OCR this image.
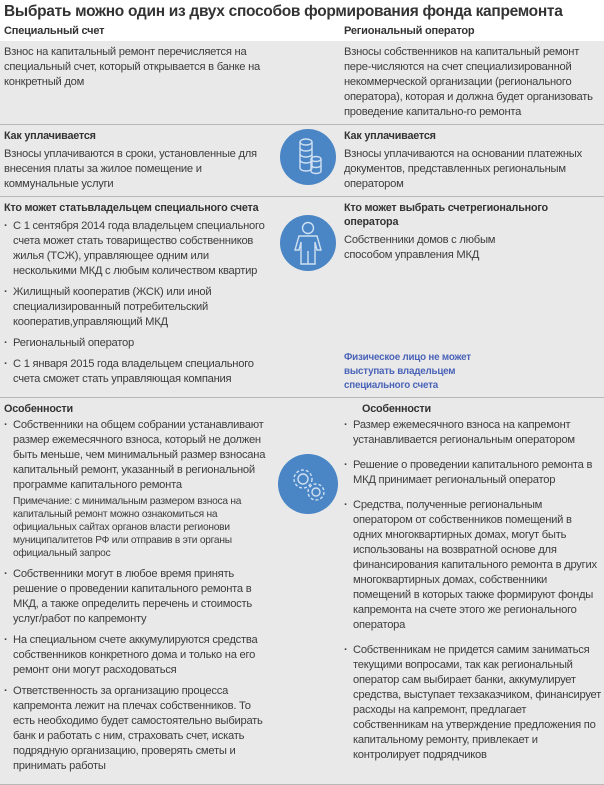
Выбрать можно один из двух способов формирования фонда капремонта
Специальный счет	Региональный оператор
Взнос на капитальный ремонт перечисляется на специальный счет, который открывается в банке на конкретный дом
Взносы собственников на капитальный ремонт пере-числяются на счет специализированной некоммерческой организации (регионального оператора), которая и должна будет организовать проведение капитально-го ремонта
Как уплачивается
Взносы уплачиваются в сроки, установленные для внесения платы за жилое помещение и коммунальные услуги
Как уплачивается
Взносы уплачиваются на основании платежных документов, представленных региональным оператором
Кто может статьвладельцем специального счета
. С 1 сентября 2014 года владельцем специального счета может стать товарищество собственников жилья (ТСЖ), управляющее одним или несколькими МКД с любым количеством квартир
. Жилищный кооператив (ЖСК) или иной специализированный потребительский кооператив,управляющий МКД
. Региональный оператор
. С 1 января 2015 года владельцем специального счета сможет стать управляющая компания
Кто может выбрать счетрегионального оператора
Собственники домов с любым способом управления МКД
Физическое лицо не может выступать владельцем специального счета
Особенности
. Собственники на общем собрании устанавливают размер ежемесячного взноса, который не должен быть меньше, чем минимальный размер взносана капитальный ремонт, указанный в региональной программе капитального ремонта
Примечание: с минимальным размером взноса на капитальный ремонт можно ознакомиться на официальных сайтах органов власти регионови муниципалитетов РФ или отправив в эти органы официальный запрос
. Собственники могут в любое время принять решение о проведении капитального ремонта в МКД, а также определить перечень и стоимость услуг/работ по капремонту
. На специальном счете аккумулируются средства собственников конкретного дома и только на его ремонт они могут расходоваться
. Ответственность за организацию процесса капремонта лежит на плечах собственников. То есть необходимо будет самостоятельно выбирать банк и работать с ним, страховать счет, искать подрядную организацию, проверять сметы и принимать работы
Особенности
. Размер ежемесячного взноса на капремонт устанавливается региональным оператором
. Решение о проведении капитального ремонта в МКД принимает региональный оператор
. Средства, полученные региональным оператором от собственников помещений в одних многоквартирных домах, могут быть использованы на возвратной основе для финансирования капитального ремонта в других многоквартирных домах, собственники помещений в которых также формируют фонды капремонта на счете этого же регионального оператора
. Собственникам не придется самим заниматься текущими вопросами, так как региональный оператор сам выбирает банки, аккумулирует средства, выступает техзаказчиком, финансирует расходы на капремонт, предлагает собственникам на утверждение предложения по капитальному ремонту, привлекает и контролирует подрядчиков
